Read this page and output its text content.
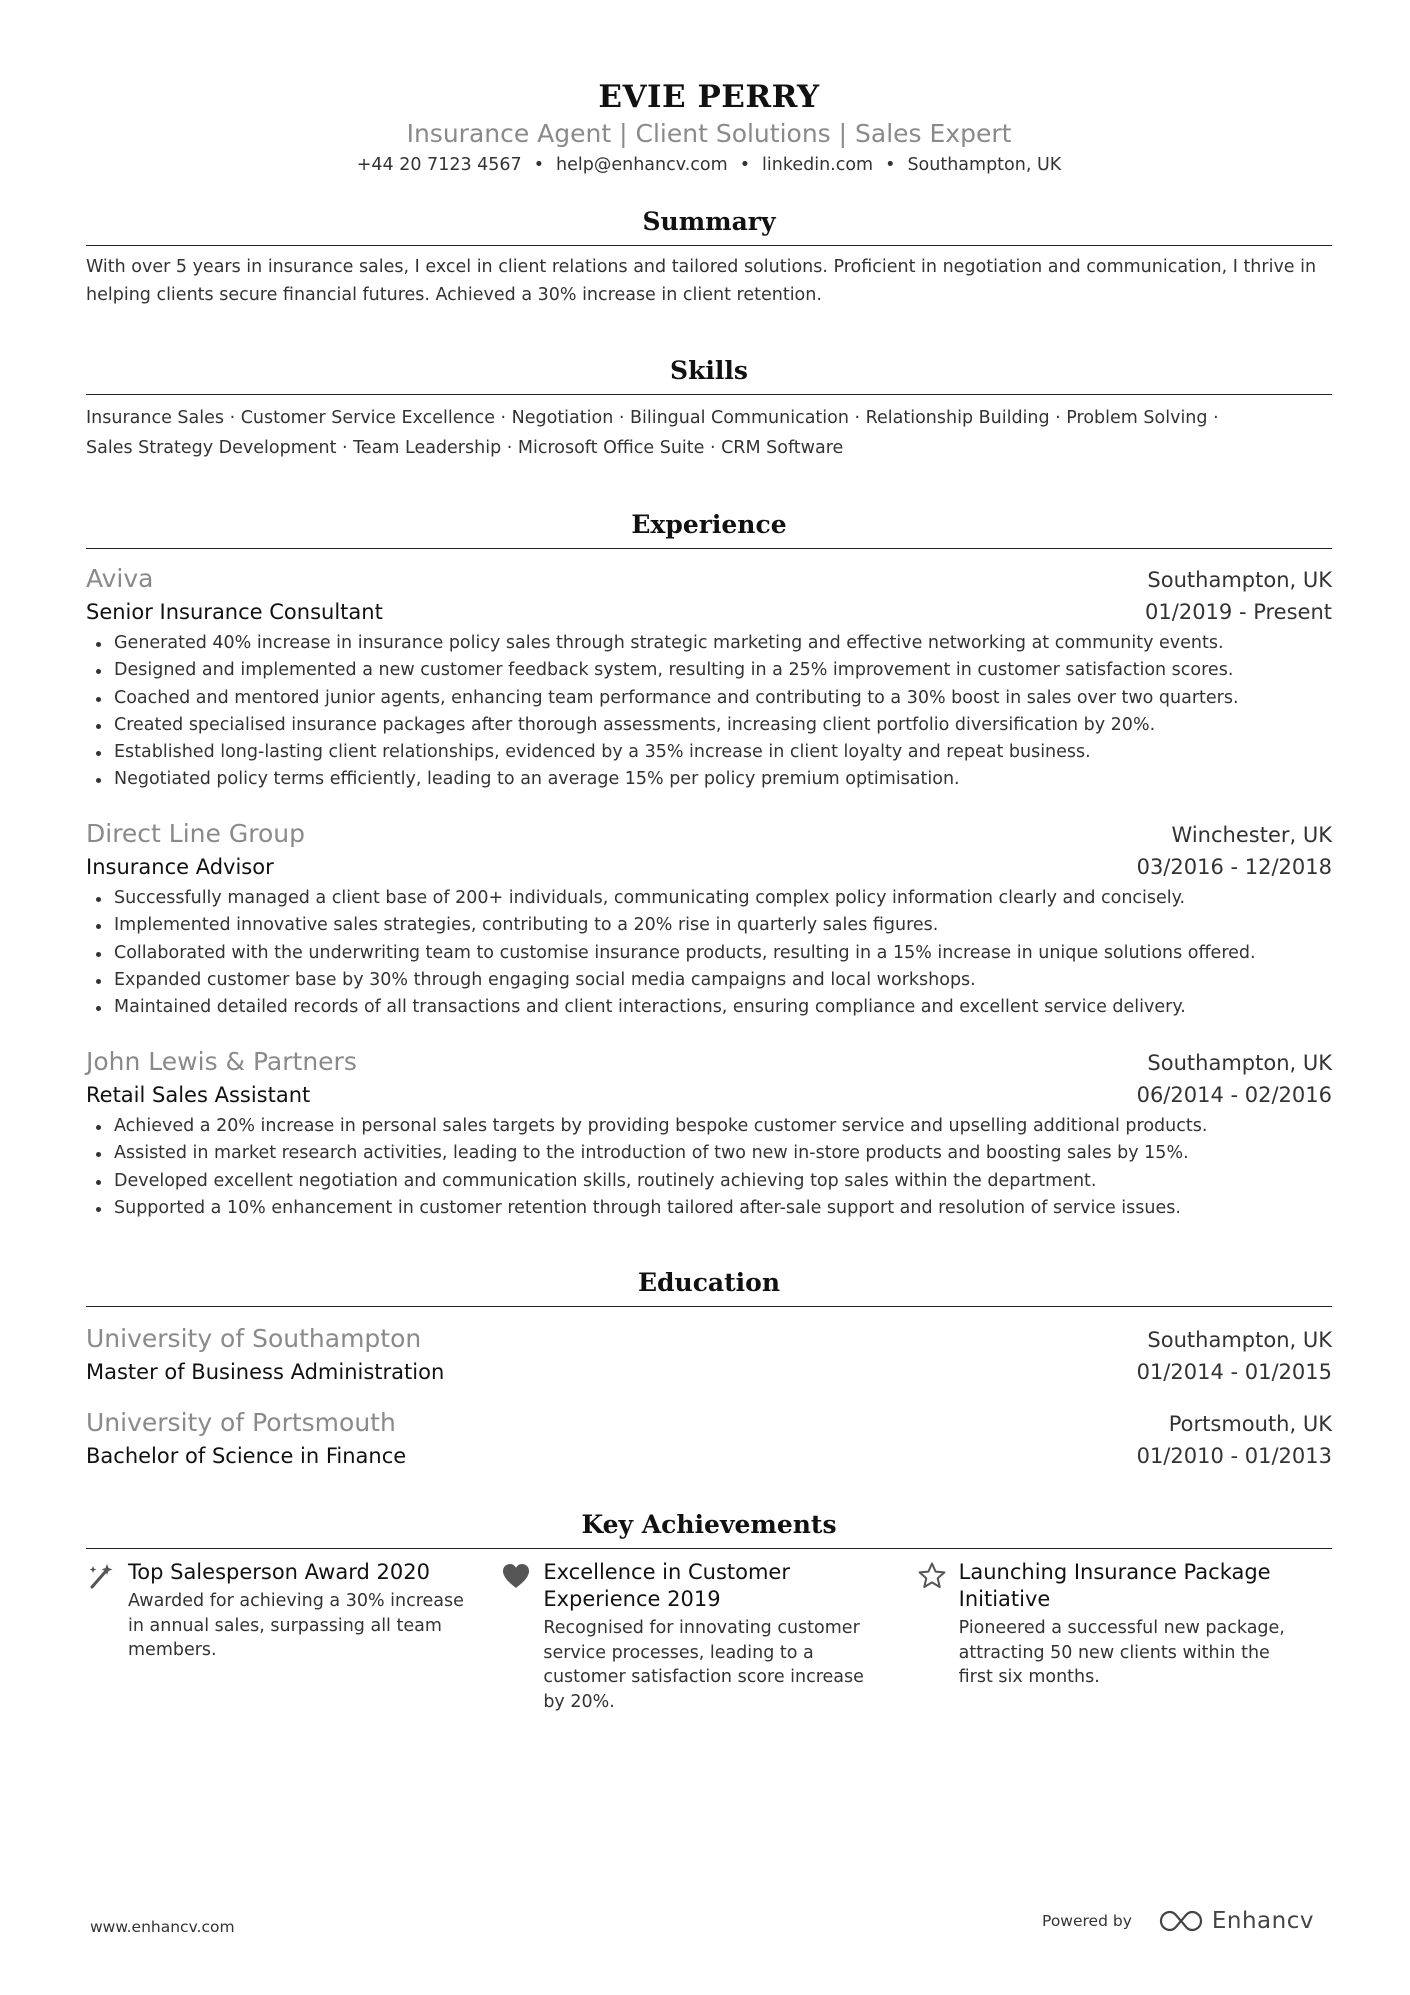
EVIE PERRY
Insurance Agent | Client Solutions | Sales Expert
+44 20 7123 4567 • help@enhancv.com • linkedin.com • Southampton, UK
Summary
With over 5 years in insurance sales, I excel in client relations and tailored solutions. Proficient in negotiation and communication, I thrive in helping clients secure financial futures. Achieved a 30% increase in client retention.
Skills
Insurance Sales · Customer Service Excellence · Negotiation · Bilingual Communication · Relationship Building · Problem Solving ·
Sales Strategy Development · Team Leadership · Microsoft Office Suite · CRM Software
Experience
Aviva	Southampton, UK
Senior Insurance Consultant	01/2019 - Present
Generated 40% increase in insurance policy sales through strategic marketing and effective networking at community events.
Designed and implemented a new customer feedback system, resulting in a 25% improvement in customer satisfaction scores.
Coached and mentored junior agents, enhancing team performance and contributing to a 30% boost in sales over two quarters.
Created specialised insurance packages after thorough assessments, increasing client portfolio diversification by 20%.
Established long-lasting client relationships, evidenced by a 35% increase in client loyalty and repeat business.
Negotiated policy terms efficiently, leading to an average 15% per policy premium optimisation.
Direct Line Group	Winchester, UK
Insurance Advisor	03/2016 - 12/2018
Successfully managed a client base of 200+ individuals, communicating complex policy information clearly and concisely.
Implemented innovative sales strategies, contributing to a 20% rise in quarterly sales figures.
Collaborated with the underwriting team to customise insurance products, resulting in a 15% increase in unique solutions offered.
Expanded customer base by 30% through engaging social media campaigns and local workshops.
Maintained detailed records of all transactions and client interactions, ensuring compliance and excellent service delivery.
John Lewis & Partners	Southampton, UK
Retail Sales Assistant	06/2014 - 02/2016
Achieved a 20% increase in personal sales targets by providing bespoke customer service and upselling additional products.
Assisted in market research activities, leading to the introduction of two new in-store products and boosting sales by 15%.
Developed excellent negotiation and communication skills, routinely achieving top sales within the department.
Supported a 10% enhancement in customer retention through tailored after-sale support and resolution of service issues.
Education
University of Southampton	Southampton, UK
Master of Business Administration	01/2014 - 01/2015
University of Portsmouth	Portsmouth, UK
Bachelor of Science in Finance	01/2010 - 01/2013
Key Achievements
Top Salesperson Award 2020
Awarded for achieving a 30% increase in annual sales, surpassing all team members.
Excellence in Customer Experience 2019
Recognised for innovating customer service processes, leading to a customer satisfaction score increase by 20%.
Launching Insurance Package Initiative
Pioneered a successful new package, attracting 50 new clients within the first six months.
www.enhancv.com	Powered by	Enhancv
